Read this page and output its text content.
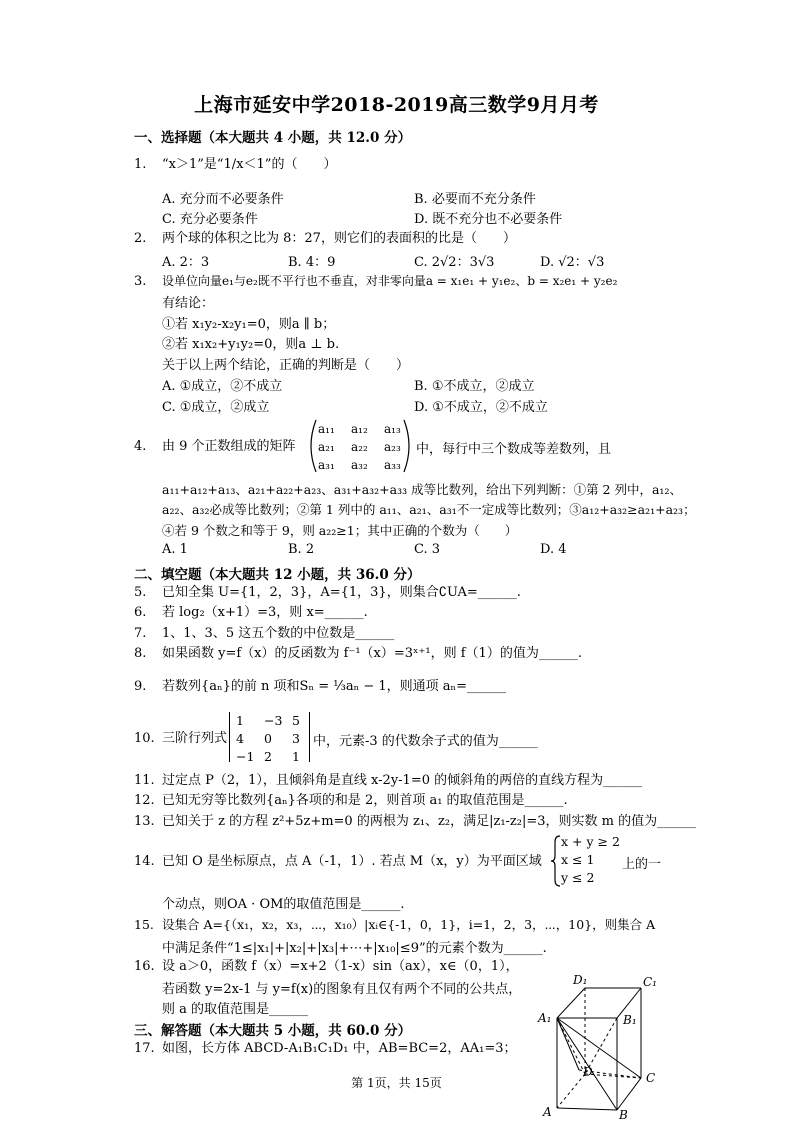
上海市延安中学2018-2019高三数学9月月考
一、选择题（本大题共 4 小题，共 12.0 分）
1. “x＞1”是“1/x＜1”的（　　）
A. 充分而不必要条件	B. 必要而不充分条件
C. 充分必要条件	D. 既不充分也不必要条件
2. 两个球的体积之比为 8：27，则它们的表面积的比是（　　）
A. 2：3	B. 4：9	C. 2√2：3√3	D. √2：√3
3. 设单位向量e₁与e₂既不平行也不垂直，对非零向量a = x₁e₁ + y₁e₂、b = x₂e₁ + y₂e₂
有结论：
①若 x₁y₂-x₂y₁=0，则a ∥ b；
②若 x₁x₂+y₁y₂=0，则a ⊥ b.
关于以上两个结论，正确的判断是（　　）
A. ①成立，②不成立	B. ①不成立，②成立
C. ①成立，②成立	D. ①不成立，②不成立
4. 由 9 个正数组成的矩阵
a₁₁ a₁₂ a₁₃
a₂₁ a₂₂ a₂₃
a₃₁ a₃₂ a₃₃
中，每行中三个数成等差数列，且
a₁₁+a₁₂+a₁₃、a₂₁+a₂₂+a₂₃、a₃₁+a₃₂+a₃₃ 成等比数列，给出下列判断：①第 2 列中，a₁₂、
a₂₂、a₃₂必成等比数列；②第 1 列中的 a₁₁、a₂₁、a₃₁不一定成等比数列；③a₁₂+a₃₂≥a₂₁+a₂₃；
④若 9 个数之和等于 9，则 a₂₂≥1；其中正确的个数为（　　）
A. 1	B. 2	C. 3	D. 4
二、填空题（本大题共 12 小题，共 36.0 分）
5. 已知全集 U={1，2，3}，A={1，3}，则集合∁UA=______.
6. 若 log₂（x+1）=3，则 x=______.
7. 1、1、3、5 这五个数的中位数是______
8. 如果函数 y=f（x）的反函数为 f⁻¹（x）=3ˣ⁺¹，则 f（1）的值为______.
9. 若数列{aₙ}的前 n 项和Sₙ = ⅓aₙ − 1，则通项 aₙ=______
10. 三阶行列式
1 −3 5
4 0 3
−1 2 1
中，元素-3 的代数余子式的值为______
11. 过定点 P（2，1），且倾斜角是直线 x-2y-1=0 的倾斜角的两倍的直线方程为______
12. 已知无穷等比数列{aₙ}各项的和是 2，则首项 a₁ 的取值范围是______.
13. 已知关于 z 的方程 z²+5z+m=0 的两根为 z₁、z₂，满足|z₁-z₂|=3，则实数 m 的值为______
14. 已知 O 是坐标原点，点 A（-1，1）. 若点 M（x，y）为平面区域
x + y ≥ 2
x ≤ 1
y ≤ 2
上的一
个动点，则OA · OM的取值范围是______.
15. 设集合 A={（x₁，x₂，x₃，⋯，x₁₀）|xᵢ∈{-1，0，1}，i=1，2，3，⋯，10}，则集合 A
中满足条件“1≤|x₁|+|x₂|+|x₃|+⋯+|x₁₀|≤9”的元素个数为______.
16. 设 a＞0，函数 f（x）=x+2（1-x）sin（ax），x∈（0，1），
若函数 y=2x-1 与 y=f(x)的图象有且仅有两个不同的公共点，
则 a 的取值范围是______
三、解答题（本大题共 5 小题，共 60.0 分）
17. 如图，长方体 ABCD-A₁B₁C₁D₁ 中，AB=BC=2，AA₁=3；
D₁	C₁
A₁	B₁
D	C
A	B
第 1页，共 15页
